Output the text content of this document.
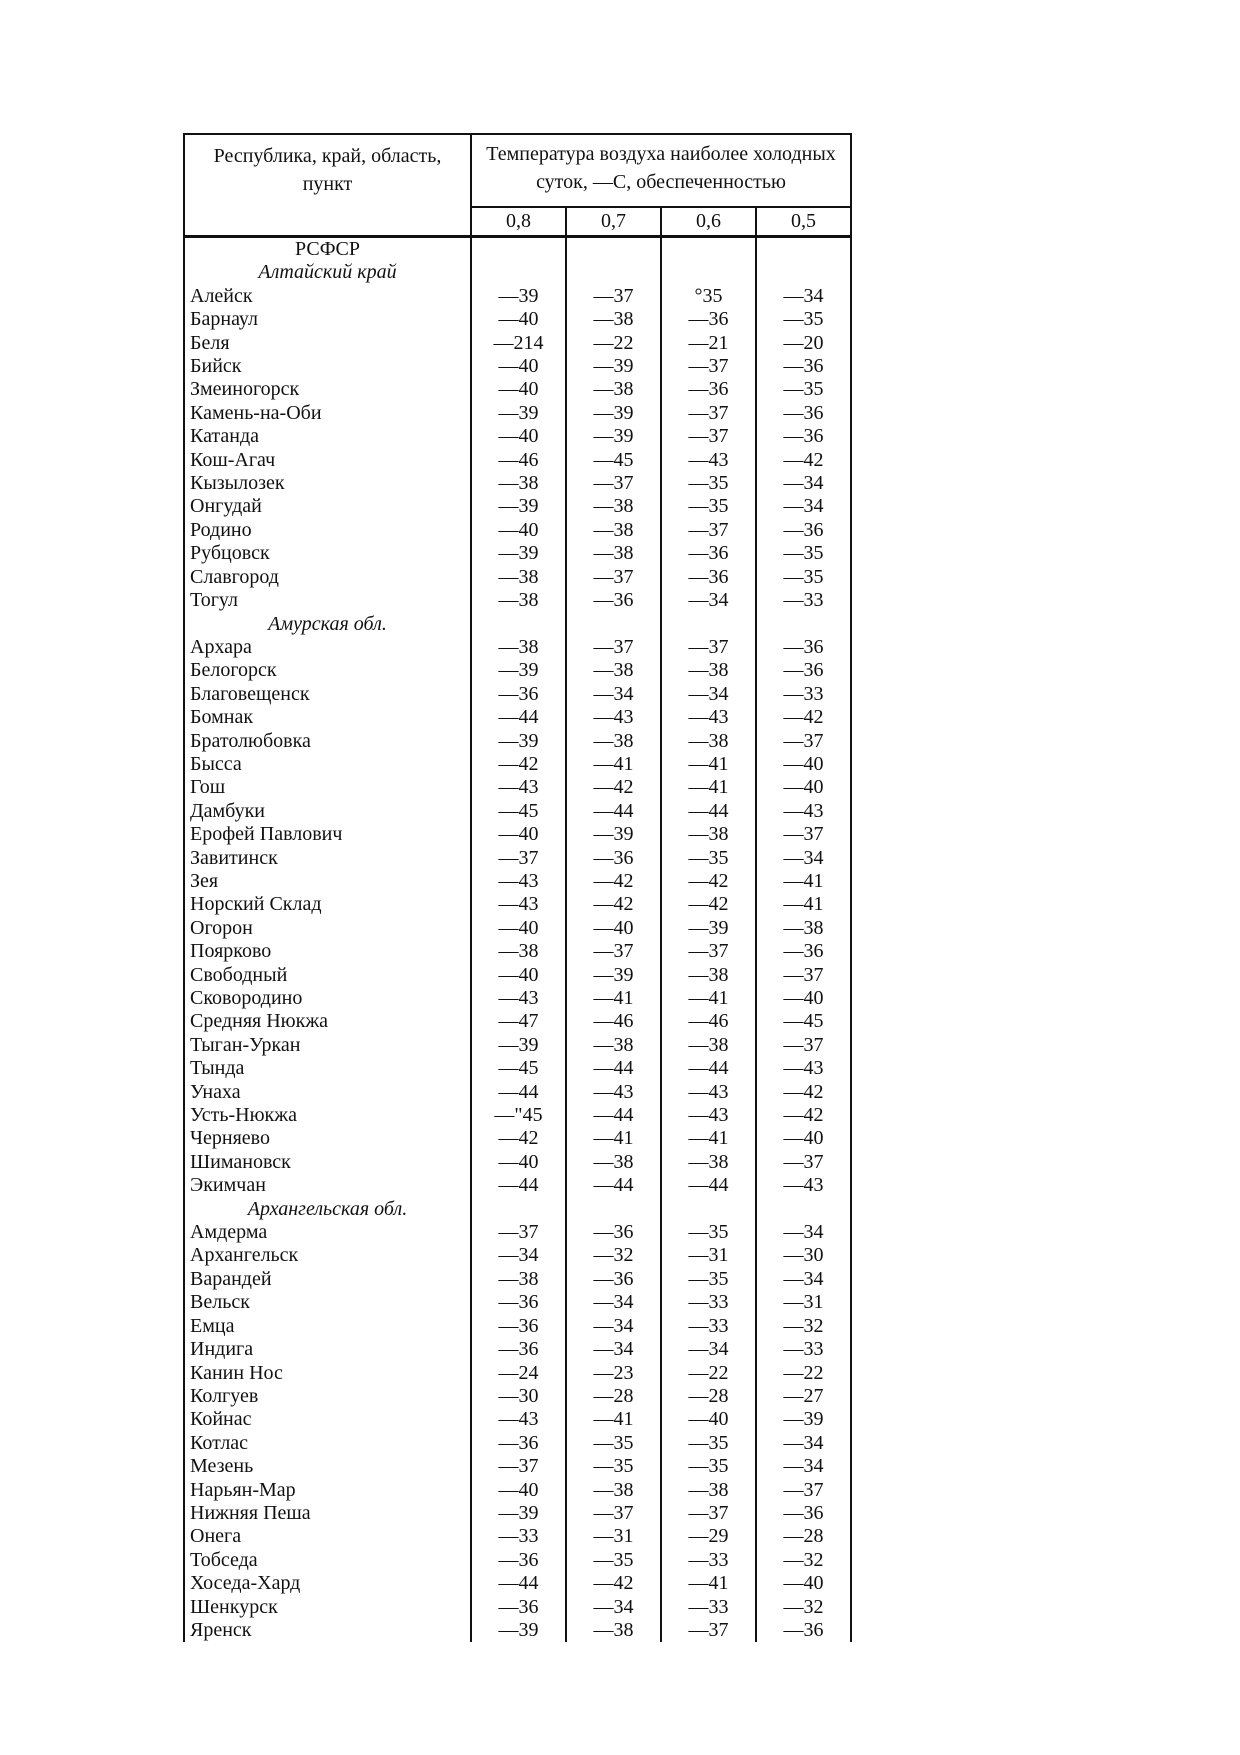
Республика, край, область,
пункт

Температура воздуха наиболее холодных
суток, —С, обеспеченностью

	0,8	0,7	0,6	0,5
РСФСР				
Алтайский край				
Алейск	—39	—37	°35	—34
Барнаул	—40	—38	—36	—35
Беля	—214	—22	—21	—20
Бийск	—40	—39	—37	—36
Змеиногорск	—40	—38	—36	—35
Камень-на-Оби	—39	—39	—37	—36
Катанда	—40	—39	—37	—36
Кош-Агач	—46	—45	—43	—42
Кызылозек	—38	—37	—35	—34
Онгудай	—39	—38	—35	—34
Родино	—40	—38	—37	—36
Рубцовск	—39	—38	—36	—35
Славгород	—38	—37	—36	—35
Тогул	—38	—36	—34	—33
Амурская обл.				
Архара	—38	—37	—37	—36
Белогорск	—39	—38	—38	—36
Благовещенск	—36	—34	—34	—33
Бомнак	—44	—43	—43	—42
Братолюбовка	—39	—38	—38	—37
Бысса	—42	—41	—41	—40
Гош	—43	—42	—41	—40
Дамбуки	—45	—44	—44	—43
Ерофей Павлович	—40	—39	—38	—37
Завитинск	—37	—36	—35	—34
Зея	—43	—42	—42	—41
Норский Склад	—43	—42	—42	—41
Огорон	—40	—40	—39	—38
Поярково	—38	—37	—37	—36
Свободный	—40	—39	—38	—37
Сковородино	—43	—41	—41	—40
Средняя Нюкжа	—47	—46	—46	—45
Тыган-Уркан	—39	—38	—38	—37
Тында	—45	—44	—44	—43
Унаха	—44	—43	—43	—42
Усть-Нюкжа	—"45	—44	—43	—42
Черняево	—42	—41	—41	—40
Шимановск	—40	—38	—38	—37
Экимчан	—44	—44	—44	—43
Архангельская обл.				
Амдерма	—37	—36	—35	—34
Архангельск	—34	—32	—31	—30
Варандей	—38	—36	—35	—34
Вельск	—36	—34	—33	—31
Емца	—36	—34	—33	—32
Индига	—36	—34	—34	—33
Канин Нос	—24	—23	—22	—22
Колгуев	—30	—28	—28	—27
Койнас	—43	—41	—40	—39
Котлас	—36	—35	—35	—34
Мезень	—37	—35	—35	—34
Нарьян-Мар	—40	—38	—38	—37
Нижняя Пеша	—39	—37	—37	—36
Онега	—33	—31	—29	—28
Тобседа	—36	—35	—33	—32
Хоседа-Хард	—44	—42	—41	—40
Шенкурск	—36	—34	—33	—32
Яренск	—39	—38	—37	—36
